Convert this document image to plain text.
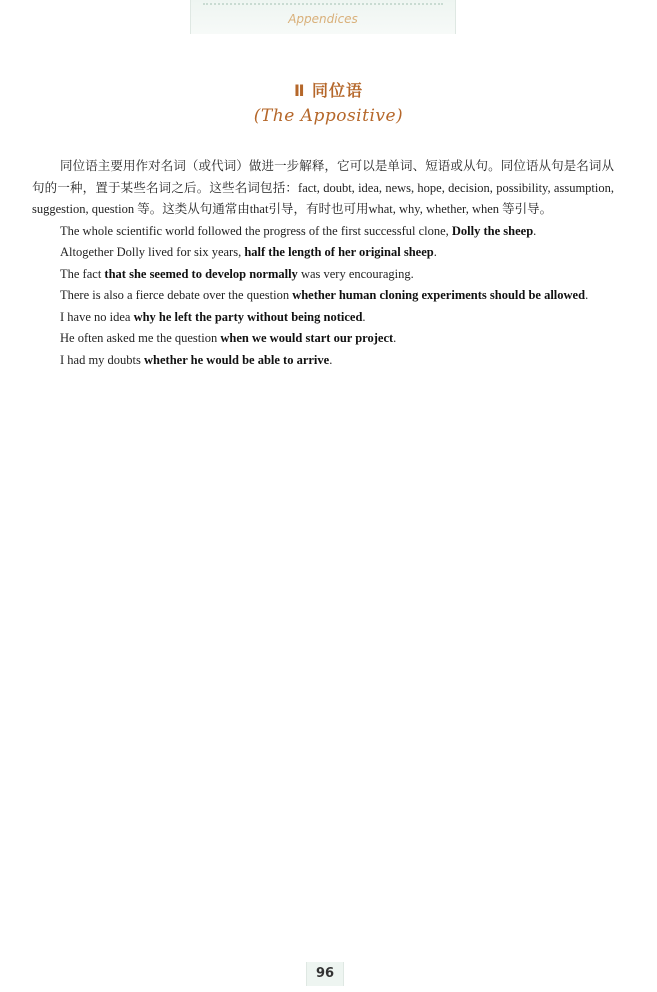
Appendices
Ⅱ 同位语
(The Appositive)

同位语主要用作对名词（或代词）做进一步解释，它可以是单词、短语或从句。同位语从句是名词从句的一种，置于某些名词之后。这些名词包括：fact, doubt, idea, news, hope, decision, possibility, assumption, suggestion, question 等。这类从句通常由that引导，有时也可用what, why, whether, when 等引导。

The whole scientific world followed the progress of the first successful clone, Dolly the sheep.

Altogether Dolly lived for six years, half the length of her original sheep.

The fact that she seemed to develop normally was very encouraging.

There is also a fierce debate over the question whether human cloning experiments should be allowed.

I have no idea why he left the party without being noticed.

He often asked me the question when we would start our project.

I had my doubts whether he would be able to arrive.

96
